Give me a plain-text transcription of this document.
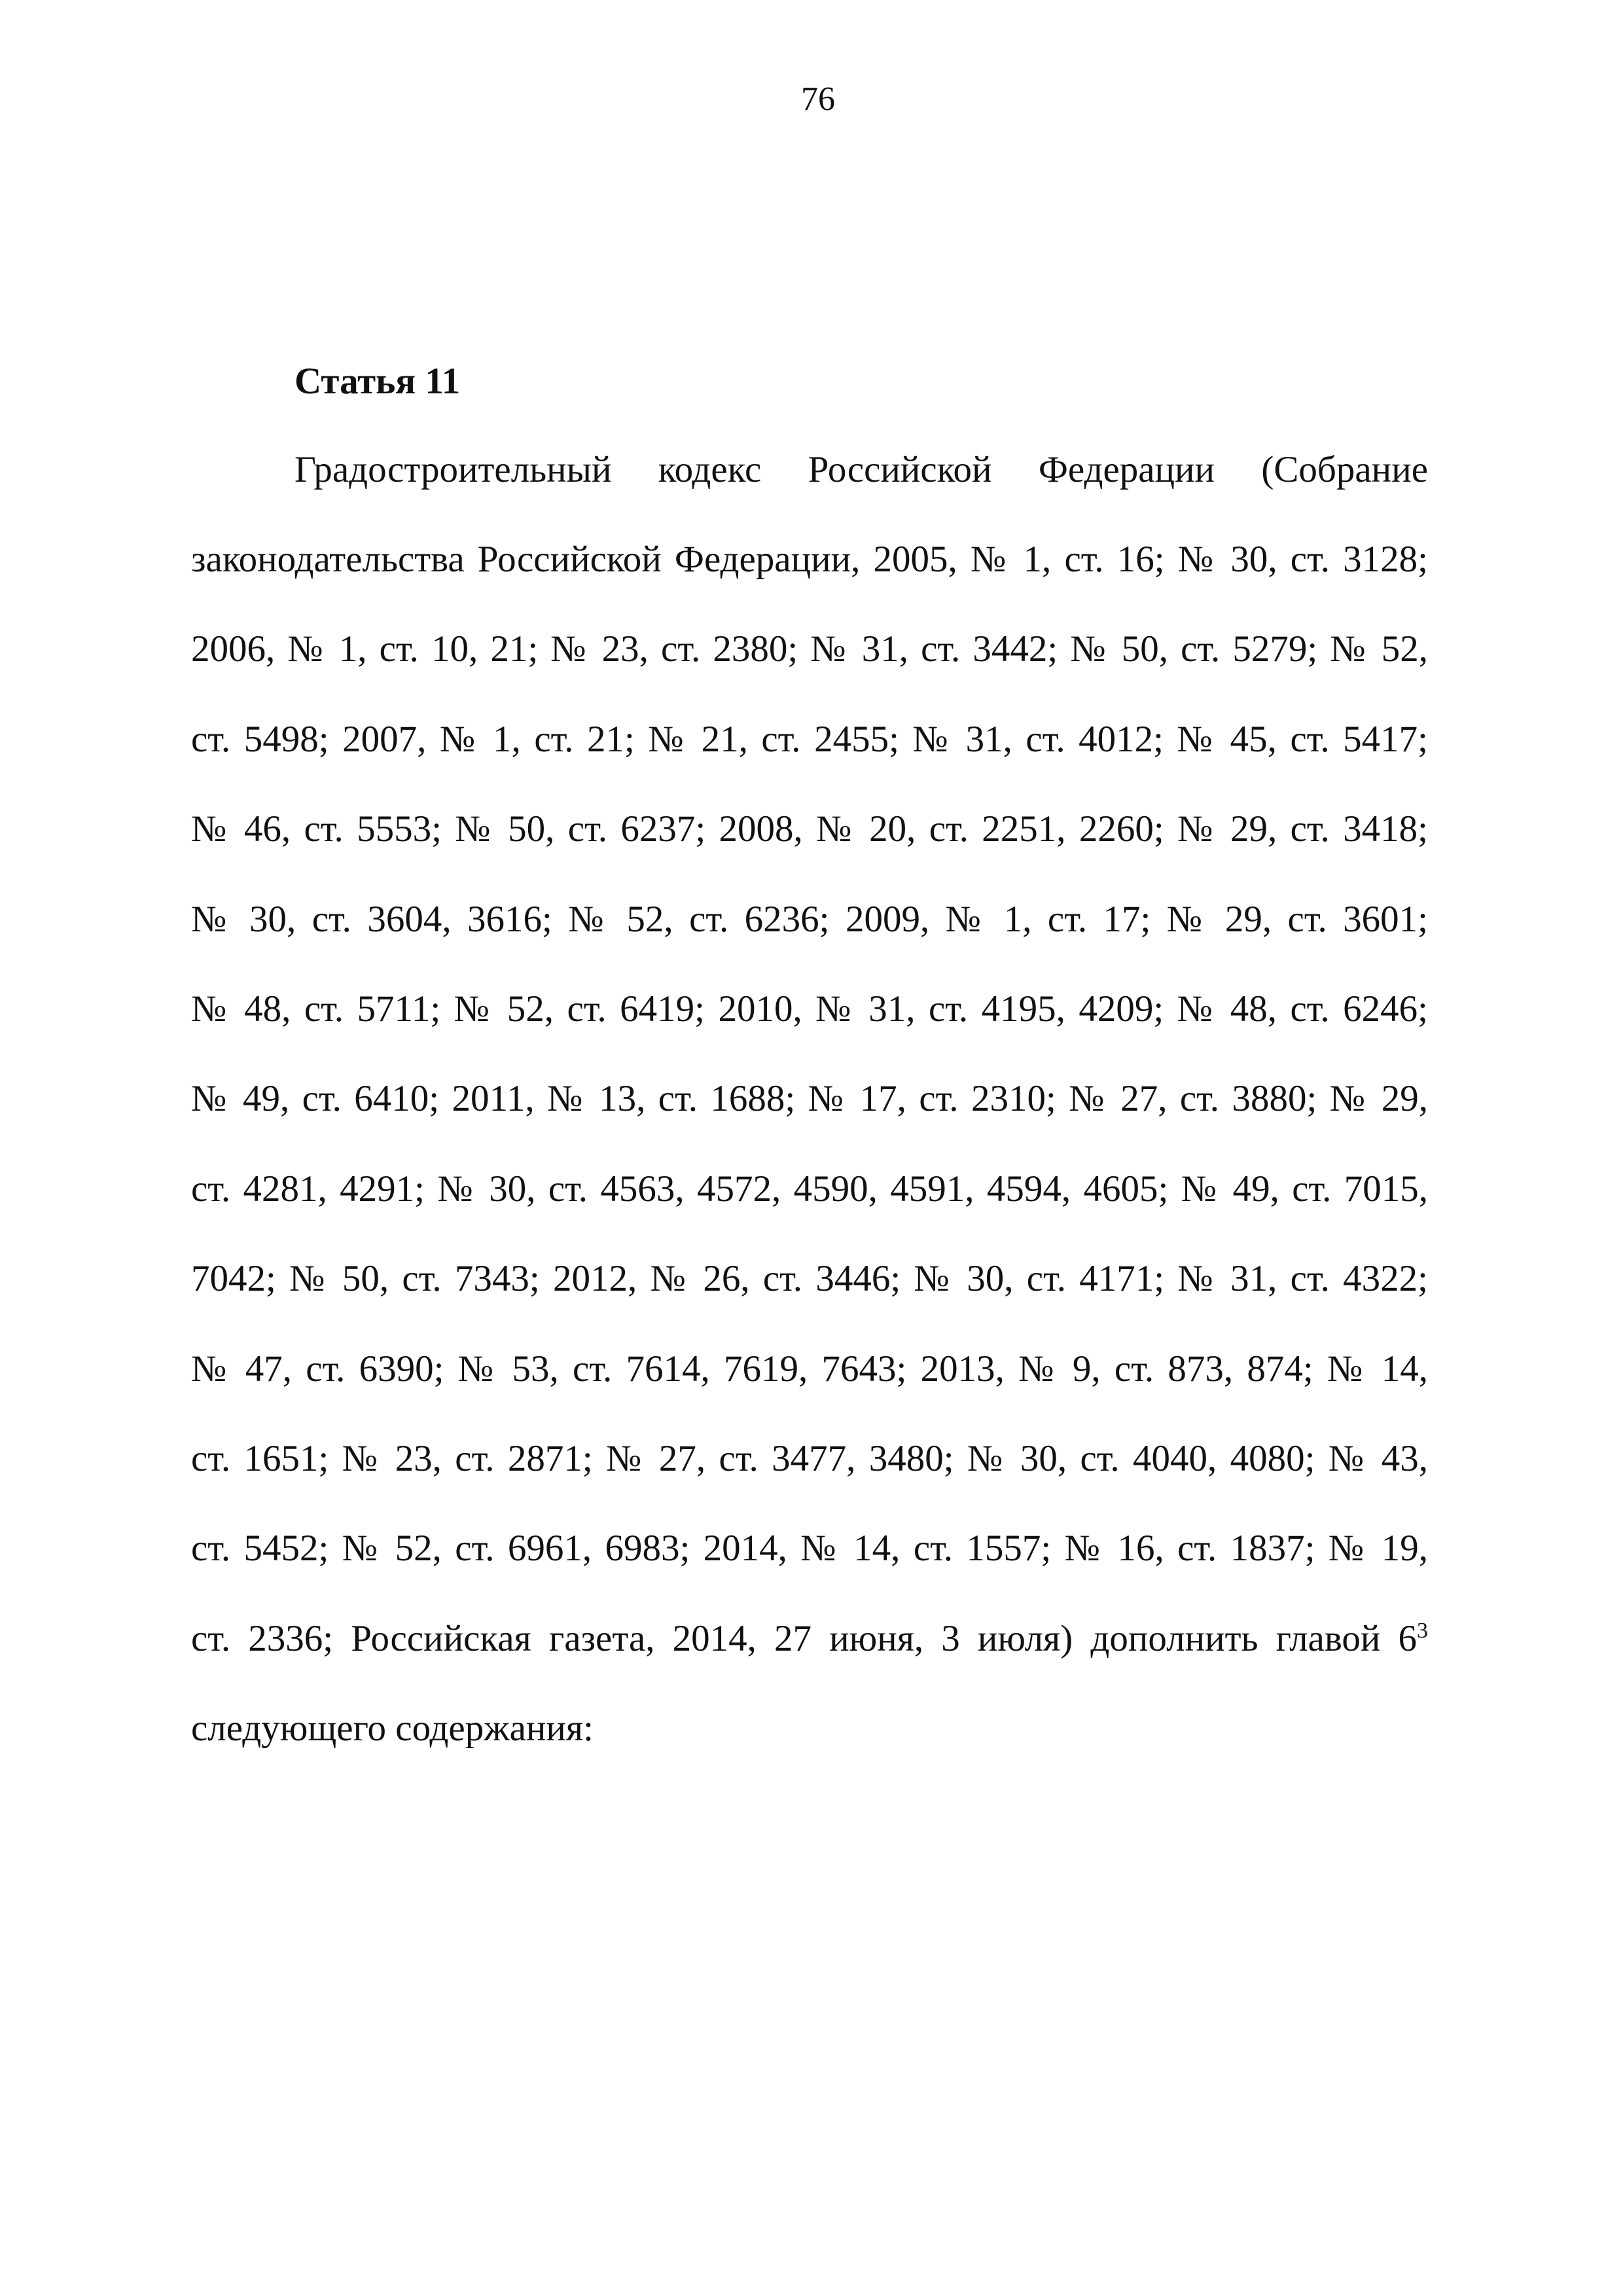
76
Статья 11
Градостроительный кодекс Российской Федерации (Собрание
законодательства Российской Федерации, 2005, № 1, ст. 16; № 30, ст. 3128;
2006, № 1, ст. 10, 21; № 23, ст. 2380; № 31, ст. 3442; № 50, ст. 5279; № 52,
ст. 5498; 2007, № 1, ст. 21; № 21, ст. 2455; № 31, ст. 4012; № 45, ст. 5417;
№ 46, ст. 5553; № 50, ст. 6237; 2008, № 20, ст. 2251, 2260; № 29, ст. 3418;
№ 30, ст. 3604, 3616; № 52, ст. 6236; 2009, № 1, ст. 17; № 29, ст. 3601;
№ 48, ст. 5711; № 52, ст. 6419; 2010, № 31, ст. 4195, 4209; № 48, ст. 6246;
№ 49, ст. 6410; 2011, № 13, ст. 1688; № 17, ст. 2310; № 27, ст. 3880; № 29,
ст. 4281, 4291; № 30, ст. 4563, 4572, 4590, 4591, 4594, 4605; № 49, ст. 7015,
7042; № 50, ст. 7343; 2012, № 26, ст. 3446; № 30, ст. 4171; № 31, ст. 4322;
№ 47, ст. 6390; № 53, ст. 7614, 7619, 7643; 2013, № 9, ст. 873, 874; № 14,
ст. 1651; № 23, ст. 2871; № 27, ст. 3477, 3480; № 30, ст. 4040, 4080; № 43,
ст. 5452; № 52, ст. 6961, 6983; 2014, № 14, ст. 1557; № 16, ст. 1837; № 19,
ст. 2336; Российская газета, 2014, 27 июня, 3 июля) дополнить главой $6^3$
следующего содержания:
